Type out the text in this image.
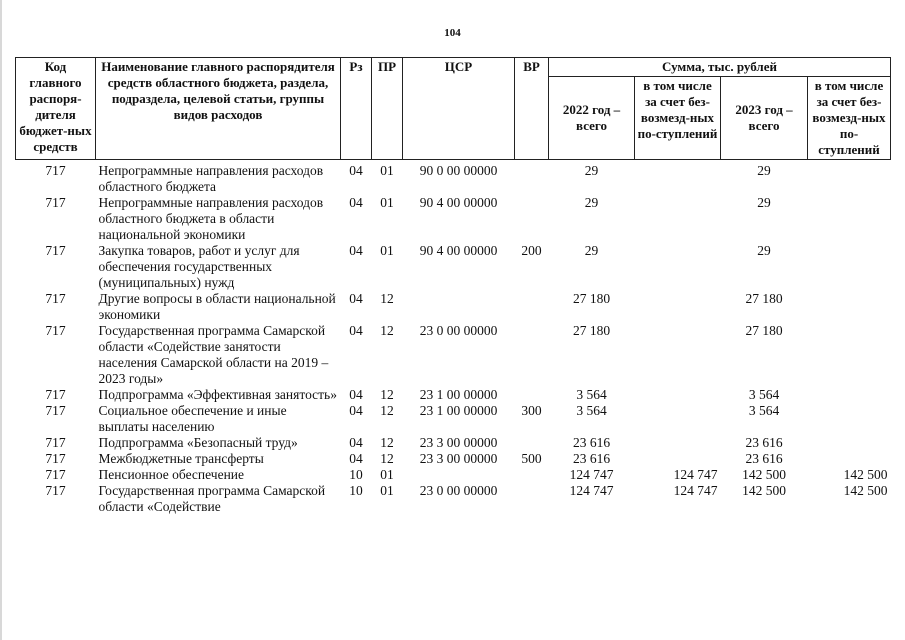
104
Код главного распоря-дителя бюджет-ных средств	Наименование главного распорядителя средств областного бюджета, раздела, подраздела, целевой статьи, группы видов расходов	Рз	ПР	ЦСР	ВР	Сумма, тыс. рублей			
						2022 год – всего	в том числе за счет без-возмезд-ных по-ступлений	2023 год – всего	в том числе за счет без-возмезд-ных по-ступлений
717	Непрограммные направления расходов областного бюджета	04	01	90 0 00 00000		29		29	
717	Непрограммные направления расходов областного бюджета в области национальной экономики	04	01	90 4 00 00000		29		29	
717	Закупка товаров, работ и услуг для обеспечения государственных (муниципальных) нужд	04	01	90 4 00 00000	200	29		29	
717	Другие вопросы в области национальной экономики	04	12			27 180		27 180	
717	Государственная программа Самарской области «Содействие занятости населения Самарской области на 2019 – 2023 годы»	04	12	23 0 00 00000		27 180		27 180	
717	Подпрограмма «Эффективная занятость»	04	12	23 1 00 00000		3 564		3 564	
717	Социальное обеспечение и иные выплаты населению	04	12	23 1 00 00000	300	3 564		3 564	
717	Подпрограмма «Безопасный труд»	04	12	23 3 00 00000		23 616		23 616	
717	Межбюджетные трансферты	04	12	23 3 00 00000	500	23 616		23 616	
717	Пенсионное обеспечение	10	01			124 747	124 747	142 500	142 500
717	Государственная программа Самарской области «Содействие	10	01	23 0 00 00000		124 747	124 747	142 500	142 500
